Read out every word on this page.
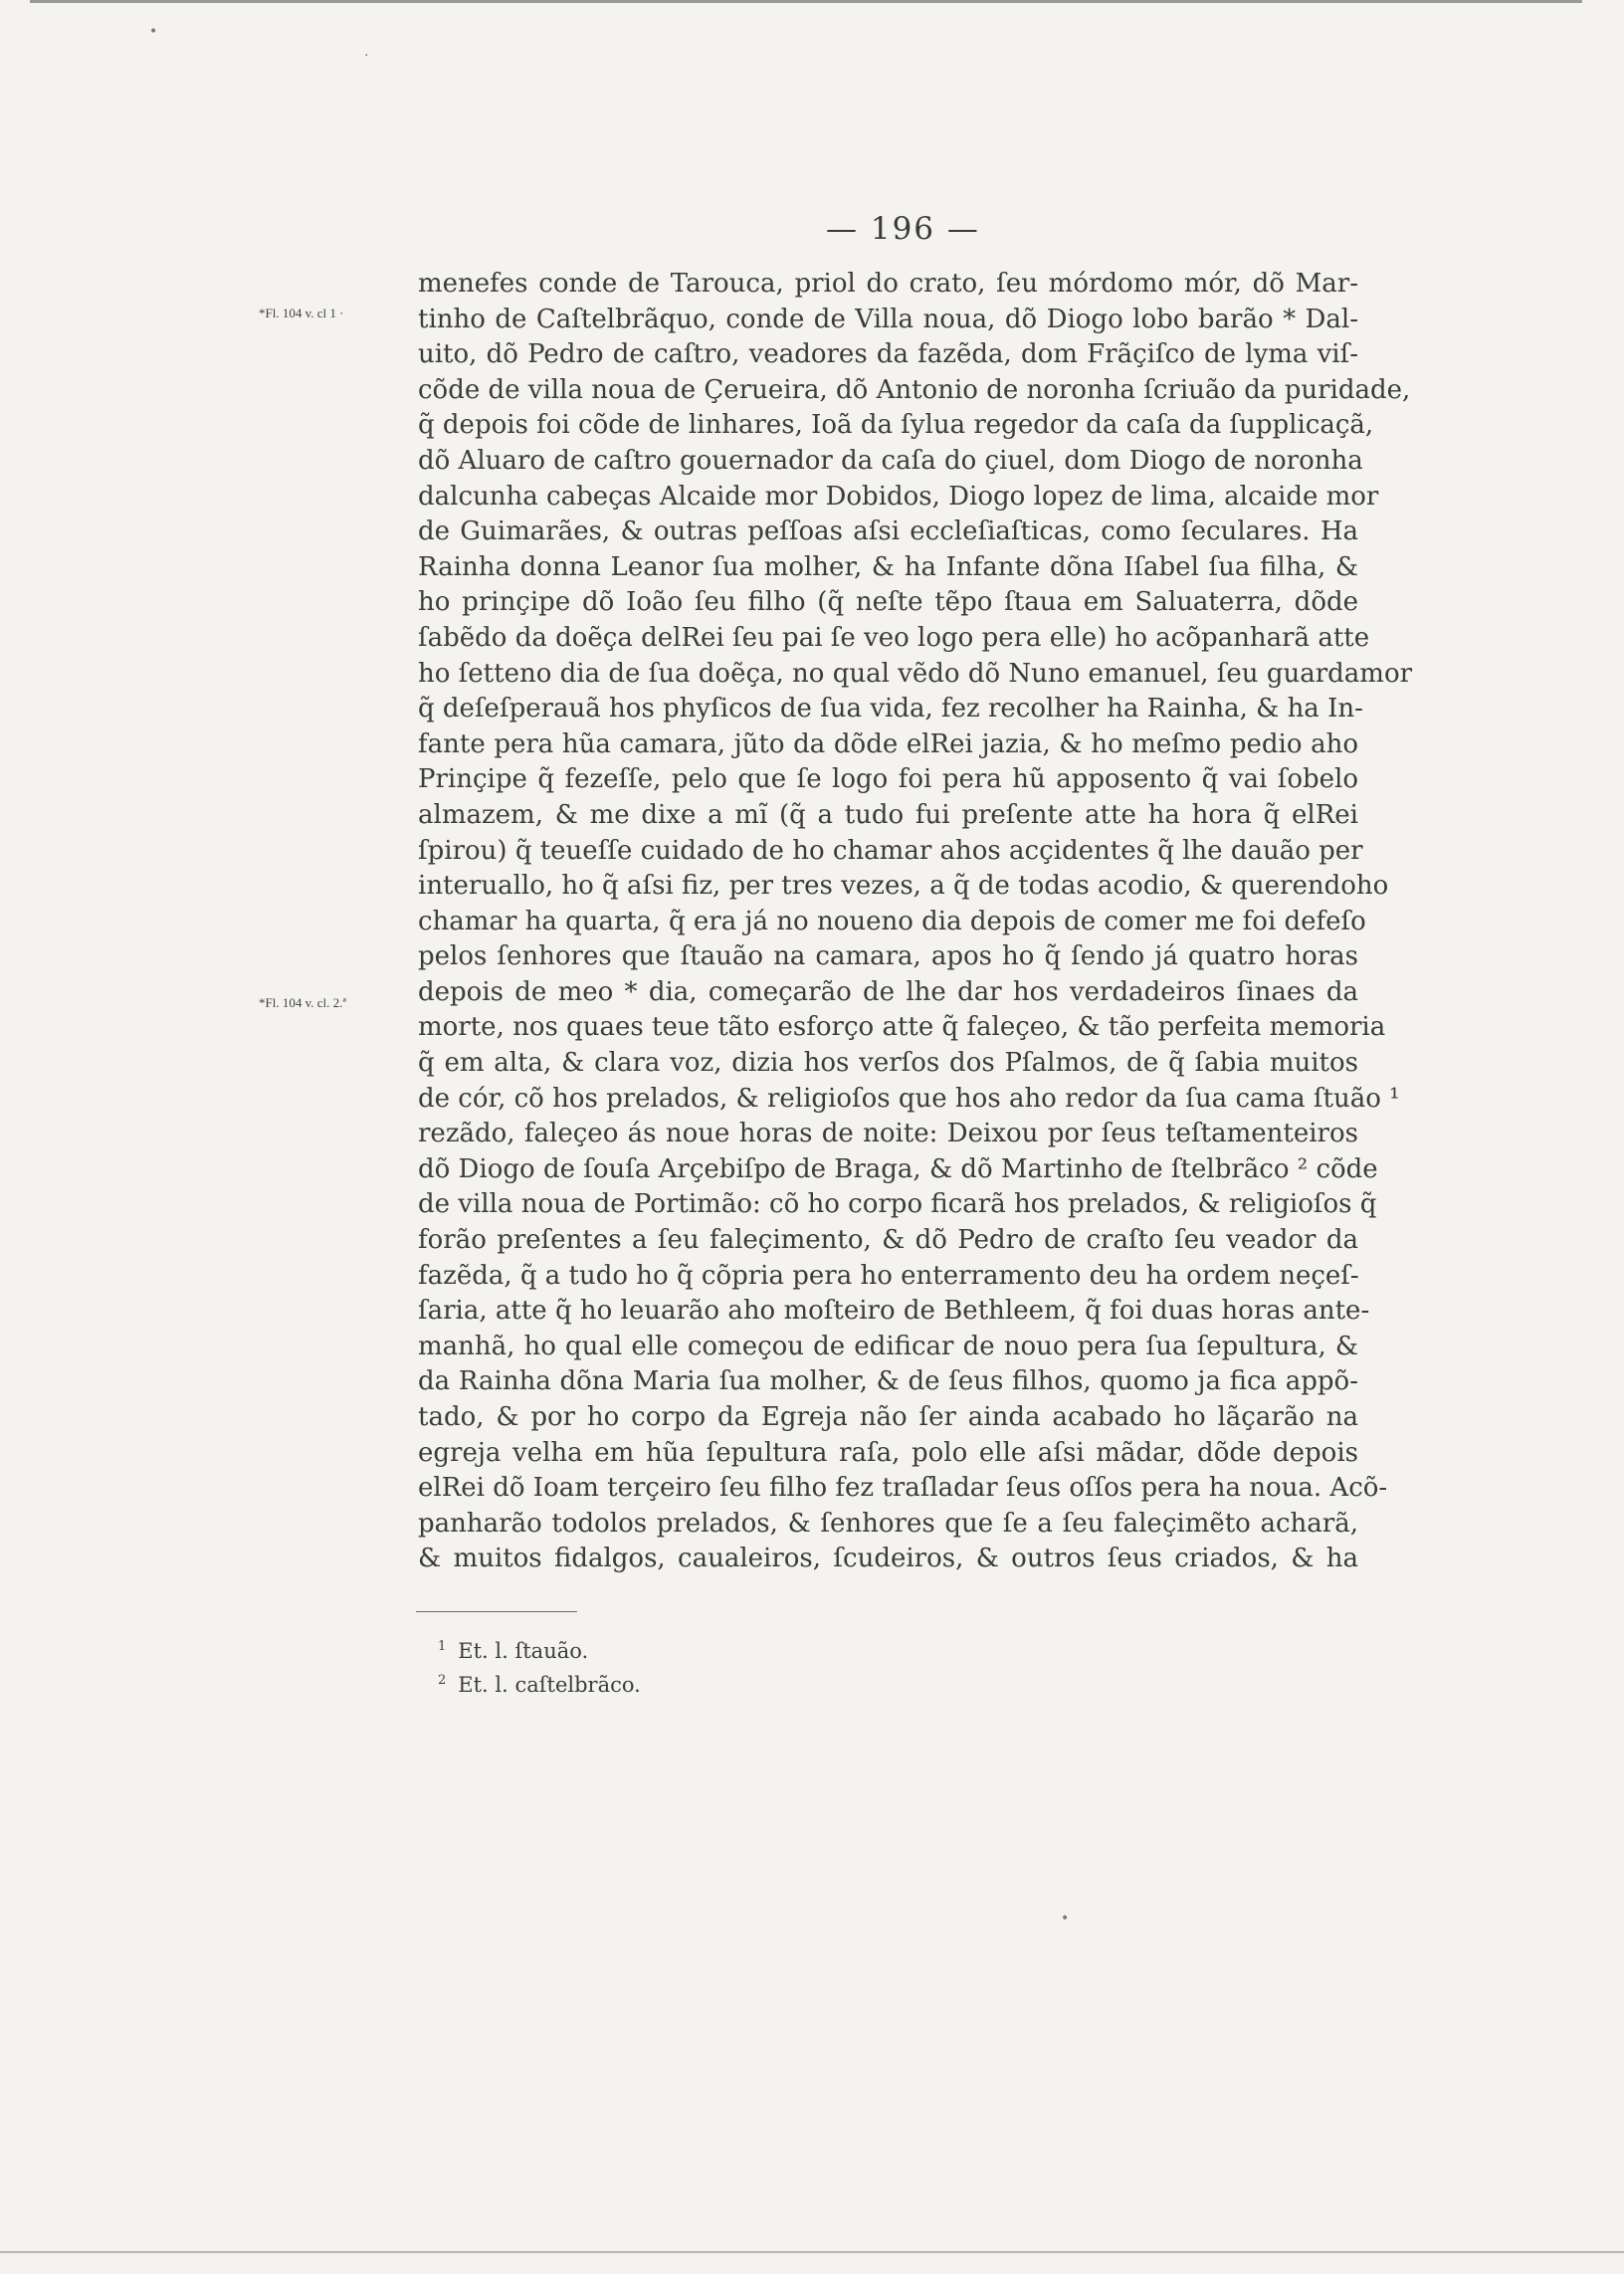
•
·
•
— 196 —
*Fl. 104 v. cl 1 ·
*Fl. 104 v. cl. 2.ª
menefes conde de Tarouca, priol do crato, ſeu mórdomo mór, dõ Mar-
tinho de Caſtelbrãquo, conde de Villa noua, dõ Diogo lobo barão * Dal-
uito, dõ Pedro de caſtro, veadores da fazẽda, dom Frãçiſco de lyma viſ-
cõde de villa noua de Çerueira, dõ Antonio de noronha ſcriuão da puridade,
q̃ depois foi cõde de linhares, Ioã da ſylua regedor da caſa da ſupplicaçã,
dõ Aluaro de caſtro gouernador da caſa do çiuel, dom Diogo de noronha
dalcunha cabeças Alcaide mor Dobidos, Diogo lopez de lima, alcaide mor
de Guimarães, & outras peſſoas aſsi eccleſiaſticas, como ſeculares. Ha
Rainha donna Leanor ſua molher, & ha Infante dõna Iſabel ſua filha, &
ho prinçipe dõ Ioão ſeu filho (q̃ neſte tẽpo ſtaua em Saluaterra, dõde
ſabẽdo da doẽça delRei ſeu pai ſe veo logo pera elle) ho acõpanharã atte
ho ſetteno dia de ſua doẽça, no qual vẽdo dõ Nuno emanuel, ſeu guardamor
q̃ deſeſperauã hos phyſicos de ſua vida, fez recolher ha Rainha, & ha In-
fante pera hũa camara, jũto da dõde elRei jazia, & ho meſmo pedio aho
Prinçipe q̃ fezeſſe, pelo que ſe logo foi pera hũ apposento q̃ vai ſobelo
almazem, & me dixe a mĩ (q̃ a tudo fui preſente atte ha hora q̃ elRei
ſpirou) q̃ teueſſe cuidado de ho chamar ahos acçidentes q̃ lhe dauão per
interuallo, ho q̃ aſsi fiz, per tres vezes, a q̃ de todas acodio, & querendoho
chamar ha quarta, q̃ era já no noueno dia depois de comer me foi defeſo
pelos ſenhores que ſtauão na camara, apos ho q̃ ſendo já quatro horas
depois de meo * dia, começarão de lhe dar hos verdadeiros ſinaes da
morte, nos quaes teue tãto esforço atte q̃ faleçeo, & tão perfeita memoria
q̃ em alta, & clara voz, dizia hos verſos dos Pſalmos, de q̃ ſabia muitos
de cór, cõ hos prelados, & religioſos que hos aho redor da ſua cama ſtuão ¹
rezãdo, faleçeo ás noue horas de noite: Deixou por ſeus teſtamenteiros
dõ Diogo de ſouſa Arçebiſpo de Braga, & dõ Martinho de ſtelbrãco ² cõde
de villa noua de Portimão: cõ ho corpo ficarã hos prelados, & religioſos q̃
forão preſentes a ſeu faleçimento, & dõ Pedro de craſto ſeu veador da
fazẽda, q̃ a tudo ho q̃ cõpria pera ho enterramento deu ha ordem neçeſ-
ſaria, atte q̃ ho leuarão aho moſteiro de Bethleem, q̃ foi duas horas ante-
manhã, ho qual elle começou de edificar de nouo pera ſua ſepultura, &
da Rainha dõna Maria ſua molher, & de ſeus filhos, quomo ja fica appõ-
tado, & por ho corpo da Egreja não ſer ainda acabado ho lãçarão na
egreja velha em hũa ſepultura raſa, polo elle aſsi mãdar, dõde depois
elRei dõ Ioam terçeiro ſeu filho fez traſladar ſeus oſſos pera ha noua. Acõ-
panharão todolos prelados, & ſenhores que ſe a ſeu faleçimẽto acharã,
& muitos fidalgos, caualeiros, ſcudeiros, & outros ſeus criados, & ha
$^1$ Et. l. ſtauão.
$^2$ Et. l. caſtelbrãco.
